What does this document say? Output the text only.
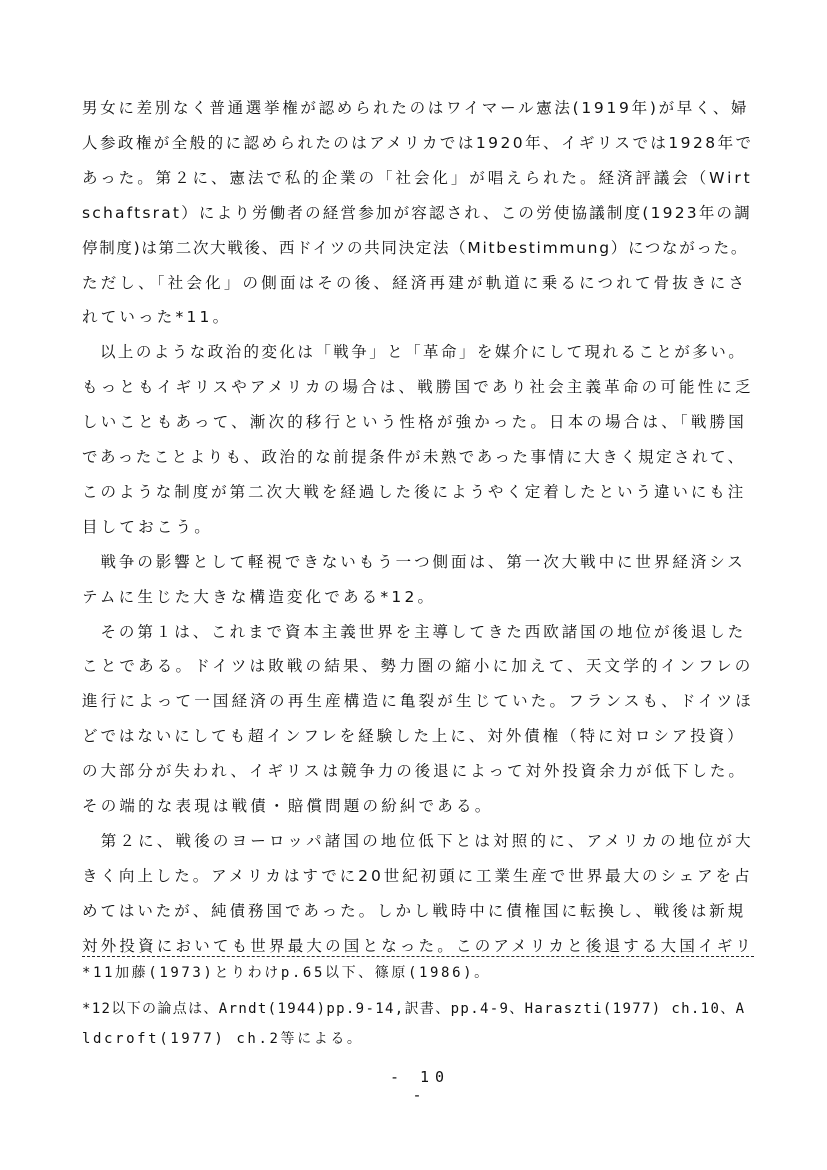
男女に差別なく普通選挙権が認められたのはワイマール憲法(1919年)が早く、婦
人参政権が全般的に認められたのはアメリカでは1920年、イギリスでは1928年で
あった。第２に、憲法で私的企業の「社会化」が唱えられた。経済評議会（Wirt
schaftsrat）により労働者の経営参加が容認され、この労使協議制度(1923年の調
停制度)は第二次大戦後、西ドイツの共同決定法（Mitbestimmung）につながった。
ただし、「社会化」の側面はその後、経済再建が軌道に乗るにつれて骨抜きにさ
れていった*11。
　以上のような政治的変化は「戦争」と「革命」を媒介にして現れることが多い。
もっともイギリスやアメリカの場合は、戦勝国であり社会主義革命の可能性に乏
しいこともあって、漸次的移行という性格が強かった。日本の場合は、「戦勝国
であったことよりも、政治的な前提条件が未熟であった事情に大きく規定されて、
このような制度が第二次大戦を経過した後にようやく定着したという違いにも注
目しておこう。
　戦争の影響として軽視できないもう一つ側面は、第一次大戦中に世界経済シス
テムに生じた大きな構造変化である*12。
　その第１は、これまで資本主義世界を主導してきた西欧諸国の地位が後退した
ことである。ドイツは敗戦の結果、勢力圏の縮小に加えて、天文学的インフレの
進行によって一国経済の再生産構造に亀裂が生じていた。フランスも、ドイツほ
どではないにしても超インフレを経験した上に、対外債権（特に対ロシア投資）
の大部分が失われ、イギリスは競争力の後退によって対外投資余力が低下した。
その端的な表現は戦債・賠償問題の紛糾である。
　第２に、戦後のヨーロッパ諸国の地位低下とは対照的に、アメリカの地位が大
きく向上した。アメリカはすでに20世紀初頭に工業生産で世界最大のシェアを占
めてはいたが、純債務国であった。しかし戦時中に債権国に転換し、戦後は新規
対外投資においても世界最大の国となった。このアメリカと後退する大国イギリ
*11加藤(1973)とりわけp.65以下、篠原(1986)。
*12以下の論点は、Arndt(1944)pp.9-14,訳書、pp.4-9、Haraszti(1977) ch.10、A
ldcroft(1977) ch.2等による。
- 10 -
